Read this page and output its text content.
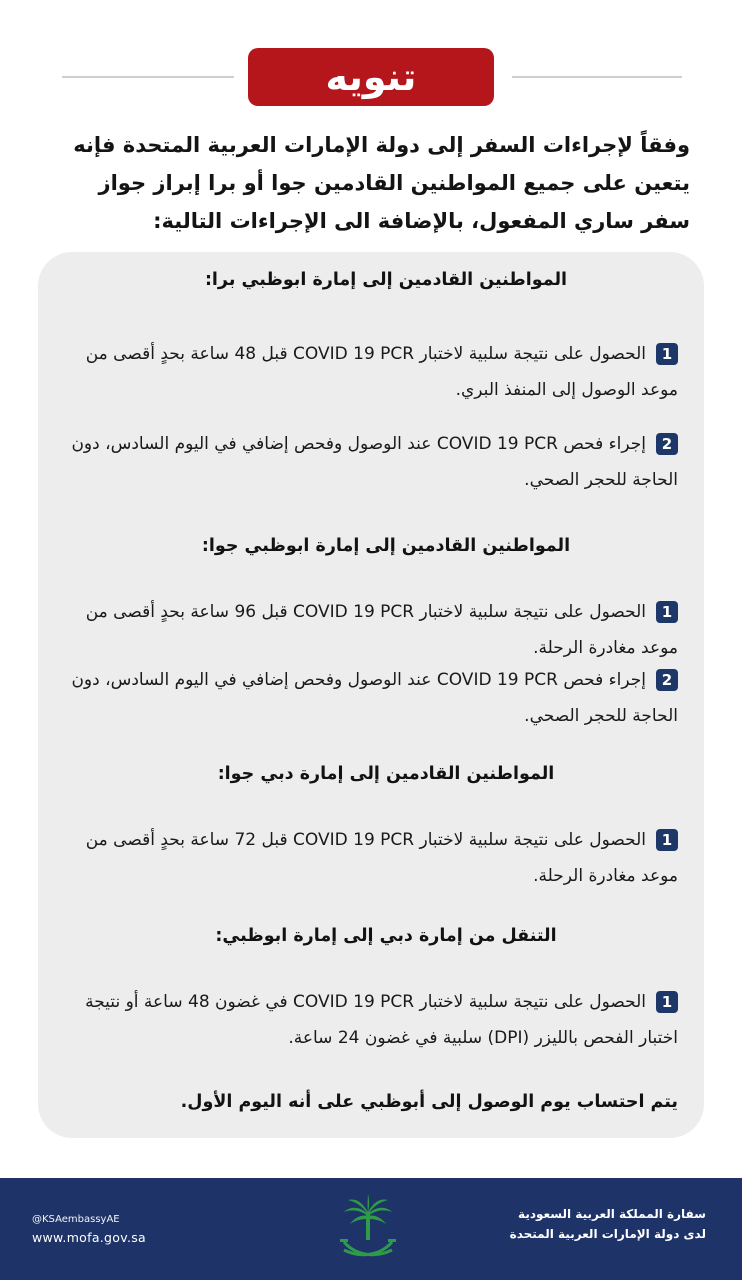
تنويه
وفقاً لإجراءات السفر إلى دولة الإمارات العربية المتحدة فإنه يتعين على جميع المواطنين القادمين جوا أو برا إبراز جواز سفر ساري المفعول، بالإضافة الى الإجراءات التالية:
المواطنين القادمين إلى إمارة ابوظبي برا:
1الحصول على نتيجة سلبية لاختبار COVID 19 PCR قبل 48 ساعة بحدٍ أقصى من موعد الوصول إلى المنفذ البري.
2إجراء فحص COVID 19 PCR عند الوصول وفحص إضافي في اليوم السادس، دون الحاجة للحجر الصحي.
المواطنين القادمين إلى إمارة ابوظبي جوا:
1الحصول على نتيجة سلبية لاختبار COVID 19 PCR قبل 96 ساعة بحدٍ أقصى من موعد مغادرة الرحلة.
2إجراء فحص COVID 19 PCR عند الوصول وفحص إضافي في اليوم السادس، دون الحاجة للحجر الصحي.
المواطنين القادمين إلى إمارة دبي جوا:
1الحصول على نتيجة سلبية لاختبار COVID 19 PCR قبل 72 ساعة بحدٍ أقصى من موعد مغادرة الرحلة.
التنقل من إمارة دبي إلى إمارة ابوظبي:
1الحصول على نتيجة سلبية لاختبار COVID 19 PCR في غضون 48 ساعة أو نتيجة اختبار الفحص بالليزر (DPI) سلبية في غضون 24 ساعة.
يتم احتساب يوم الوصول إلى أبوظبي على أنه اليوم الأول.
@KSAembassyAE
www.mofa.gov.sa
سفارة المملكة العربية السعودية
لدى دولة الإمارات العربية المتحدة
